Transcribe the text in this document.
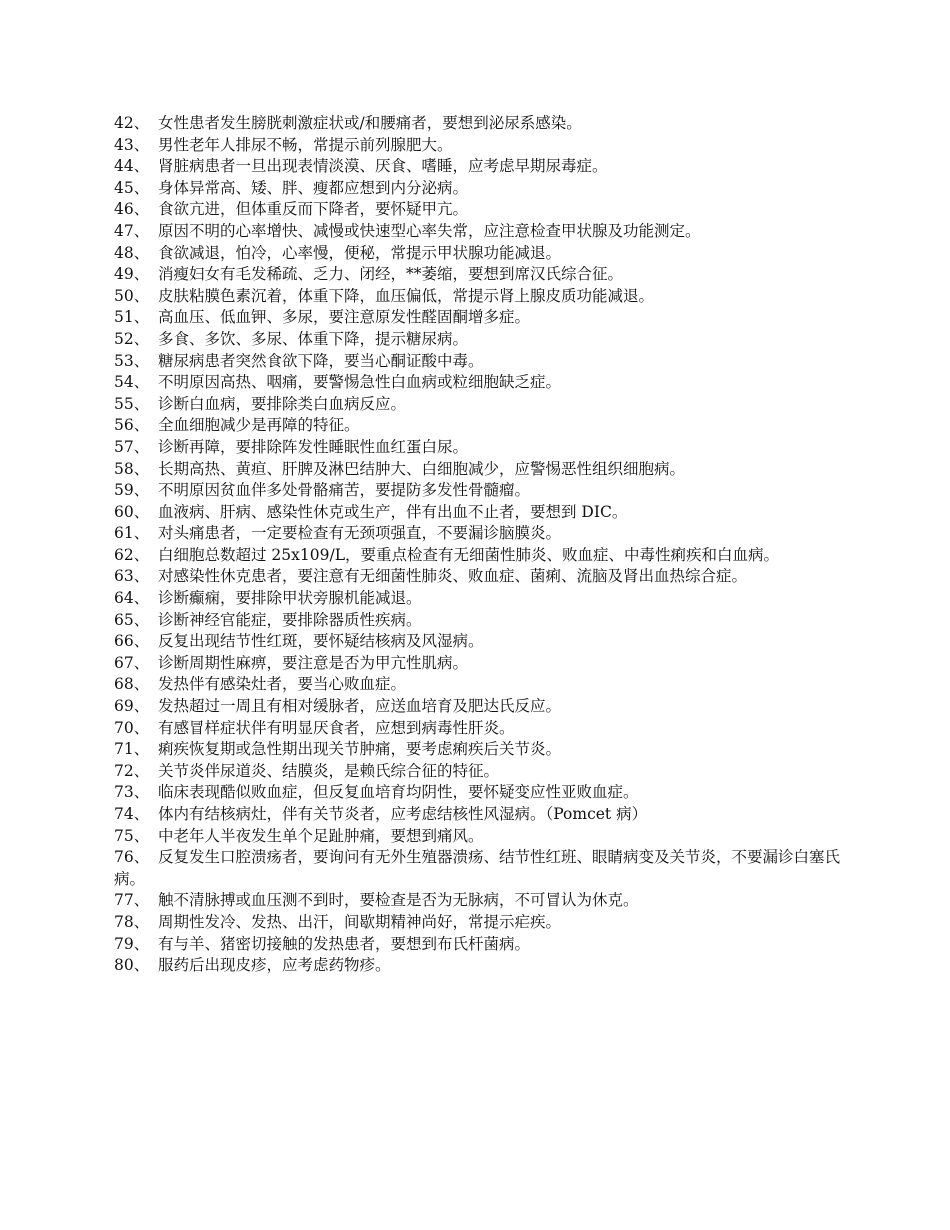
42、 女性患者发生膀胱刺激症状或/和腰痛者，要想到泌尿系感染。

43、 男性老年人排尿不畅，常提示前列腺肥大。

44、 肾脏病患者一旦出现表情淡漠、厌食、嗜睡，应考虑早期尿毒症。

45、 身体异常高、矮、胖、瘦都应想到内分泌病。

46、 食欲亢进，但体重反而下降者，要怀疑甲亢。

47、 原因不明的心率增快、减慢或快速型心率失常，应注意检查甲状腺及功能测定。

48、 食欲减退，怕冷，心率慢，便秘，常提示甲状腺功能减退。

49、 消瘦妇女有毛发稀疏、乏力、闭经，**萎缩，要想到席汉氏综合征。

50、 皮肤粘膜色素沉着，体重下降，血压偏低，常提示肾上腺皮质功能减退。

51、 高血压、低血钾、多尿，要注意原发性醛固酮增多症。

52、 多食、多饮、多尿、体重下降，提示糖尿病。

53、 糖尿病患者突然食欲下降，要当心酮证酸中毒。

54、 不明原因高热、咽痛，要警惕急性白血病或粒细胞缺乏症。

55、 诊断白血病，要排除类白血病反应。

56、 全血细胞减少是再障的特征。

57、 诊断再障，要排除阵发性睡眠性血红蛋白尿。

58、 长期高热、黄疸、肝脾及淋巴结肿大、白细胞减少，应警惕恶性组织细胞病。

59、 不明原因贫血伴多处骨骼痛苦，要提防多发性骨髓瘤。

60、 血液病、肝病、感染性休克或生产，伴有出血不止者，要想到 DIC。

61、 对头痛患者，一定要检查有无颈项强直，不要漏诊脑膜炎。

62、 白细胞总数超过 25x109/L，要重点检查有无细菌性肺炎、败血症、中毒性痢疾和白血病。

63、 对感染性休克患者，要注意有无细菌性肺炎、败血症、菌痢、流脑及肾出血热综合症。

64、 诊断癫痫，要排除甲状旁腺机能减退。

65、 诊断神经官能症，要排除器质性疾病。

66、 反复出现结节性红斑，要怀疑结核病及风湿病。

67、 诊断周期性麻痹，要注意是否为甲亢性肌病。

68、 发热伴有感染灶者，要当心败血症。

69、 发热超过一周且有相对缓脉者，应送血培育及肥达氏反应。

70、 有感冒样症状伴有明显厌食者，应想到病毒性肝炎。

71、 痢疾恢复期或急性期出现关节肿痛，要考虑痢疾后关节炎。

72、 关节炎伴尿道炎、结膜炎，是赖氏综合征的特征。

73、 临床表现酷似败血症，但反复血培育均阴性，要怀疑变应性亚败血症。

74、 体内有结核病灶，伴有关节炎者，应考虑结核性风湿病。（Pomcet 病）

75、 中老年人半夜发生单个足趾肿痛，要想到痛风。

76、 反复发生口腔溃疡者，要询问有无外生殖器溃疡、结节性红班、眼睛病变及关节炎，不要漏诊白塞氏病。

77、 触不清脉搏或血压测不到时，要检查是否为无脉病，不可冒认为休克。

78、 周期性发冷、发热、出汗，间歇期精神尚好，常提示疟疾。

79、 有与羊、猪密切接触的发热患者，要想到布氏杆菌病。

80、 服药后出现皮疹，应考虑药物疹。
